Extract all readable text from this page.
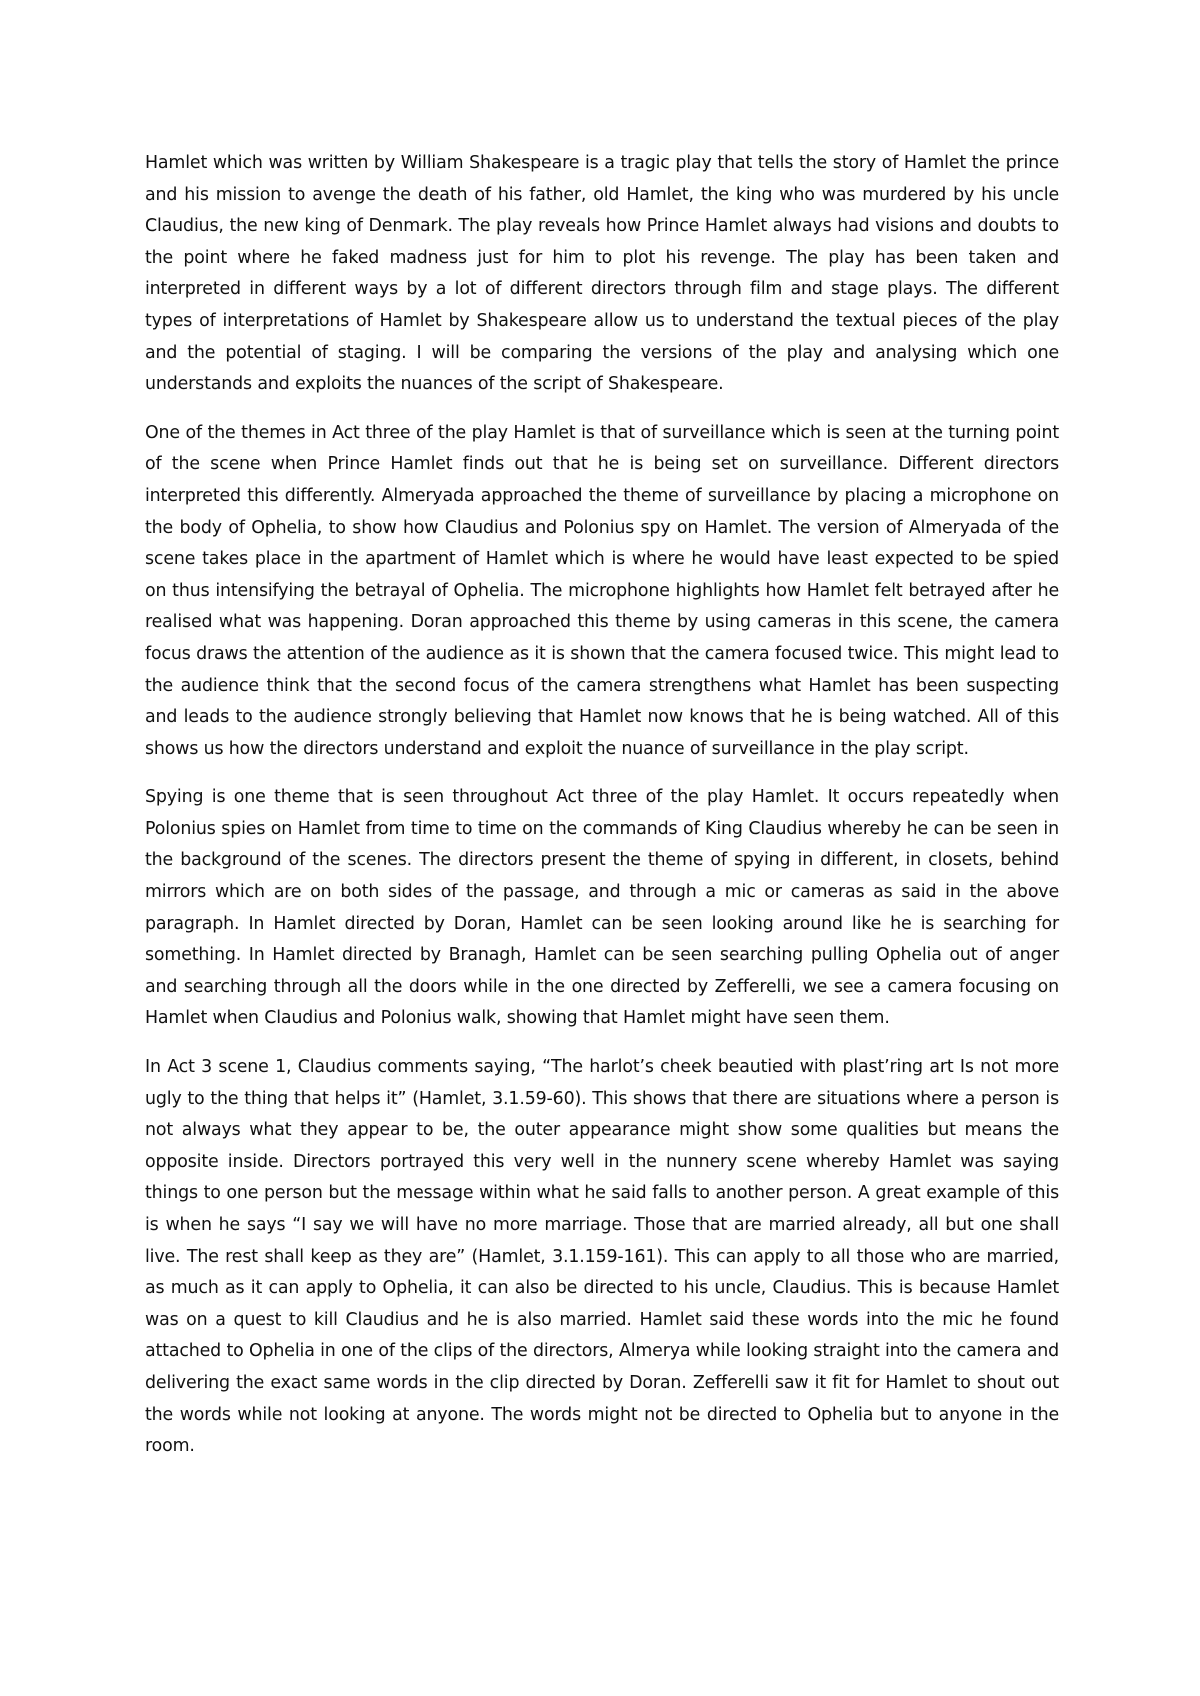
Hamlet which was written by William Shakespeare is a tragic play that tells the story of Hamlet the prince and his mission to avenge the death of his father, old Hamlet, the king who was murdered by his uncle Claudius, the new king of Denmark. The play reveals how Prince Hamlet always had visions and doubts to the point where he faked madness just for him to plot his revenge. The play has been taken and interpreted in different ways by a lot of different directors through film and stage plays. The different types of interpretations of Hamlet by Shakespeare allow us to understand the textual pieces of the play and the potential of staging. I will be comparing the versions of the play and analysing which one understands and exploits the nuances of the script of Shakespeare.

One of the themes in Act three of the play Hamlet is that of surveillance which is seen at the turning point of the scene when Prince Hamlet finds out that he is being set on surveillance. Different directors interpreted this differently. Almeryada approached the theme of surveillance by placing a microphone on the body of Ophelia, to show how Claudius and Polonius spy on Hamlet. The version of Almeryada of the scene takes place in the apartment of Hamlet which is where he would have least expected to be spied on thus intensifying the betrayal of Ophelia. The microphone highlights how Hamlet felt betrayed after he realised what was happening. Doran approached this theme by using cameras in this scene, the camera focus draws the attention of the audience as it is shown that the camera focused twice. This might lead to the audience think that the second focus of the camera strengthens what Hamlet has been suspecting and leads to the audience strongly believing that Hamlet now knows that he is being watched. All of this shows us how the directors understand and exploit the nuance of surveillance in the play script.

Spying is one theme that is seen throughout Act three of the play Hamlet. It occurs repeatedly when Polonius spies on Hamlet from time to time on the commands of King Claudius whereby he can be seen in the background of the scenes. The directors present the theme of spying in different, in closets, behind mirrors which are on both sides of the passage, and through a mic or cameras as said in the above paragraph. In Hamlet directed by Doran, Hamlet can be seen looking around like he is searching for something. In Hamlet directed by Branagh, Hamlet can be seen searching pulling Ophelia out of anger and searching through all the doors while in the one directed by Zefferelli, we see a camera focusing on Hamlet when Claudius and Polonius walk, showing that Hamlet might have seen them.

In Act 3 scene 1, Claudius comments saying, “The harlot’s cheek beautied with plast’ring art Is not more ugly to the thing that helps it” (Hamlet, 3.1.59-60). This shows that there are situations where a person is not always what they appear to be, the outer appearance might show some qualities but means the opposite inside. Directors portrayed this very well in the nunnery scene whereby Hamlet was saying things to one person but the message within what he said falls to another person. A great example of this is when he says “I say we will have no more marriage. Those that are married already, all but one shall live. The rest shall keep as they are” (Hamlet, 3.1.159-161). This can apply to all those who are married, as much as it can apply to Ophelia, it can also be directed to his uncle, Claudius. This is because Hamlet was on a quest to kill Claudius and he is also married. Hamlet said these words into the mic he found attached to Ophelia in one of the clips of the directors, Almerya while looking straight into the camera and delivering the exact same words in the clip directed by Doran. Zefferelli saw it fit for Hamlet to shout out the words while not looking at anyone. The words might not be directed to Ophelia but to anyone in the room.
